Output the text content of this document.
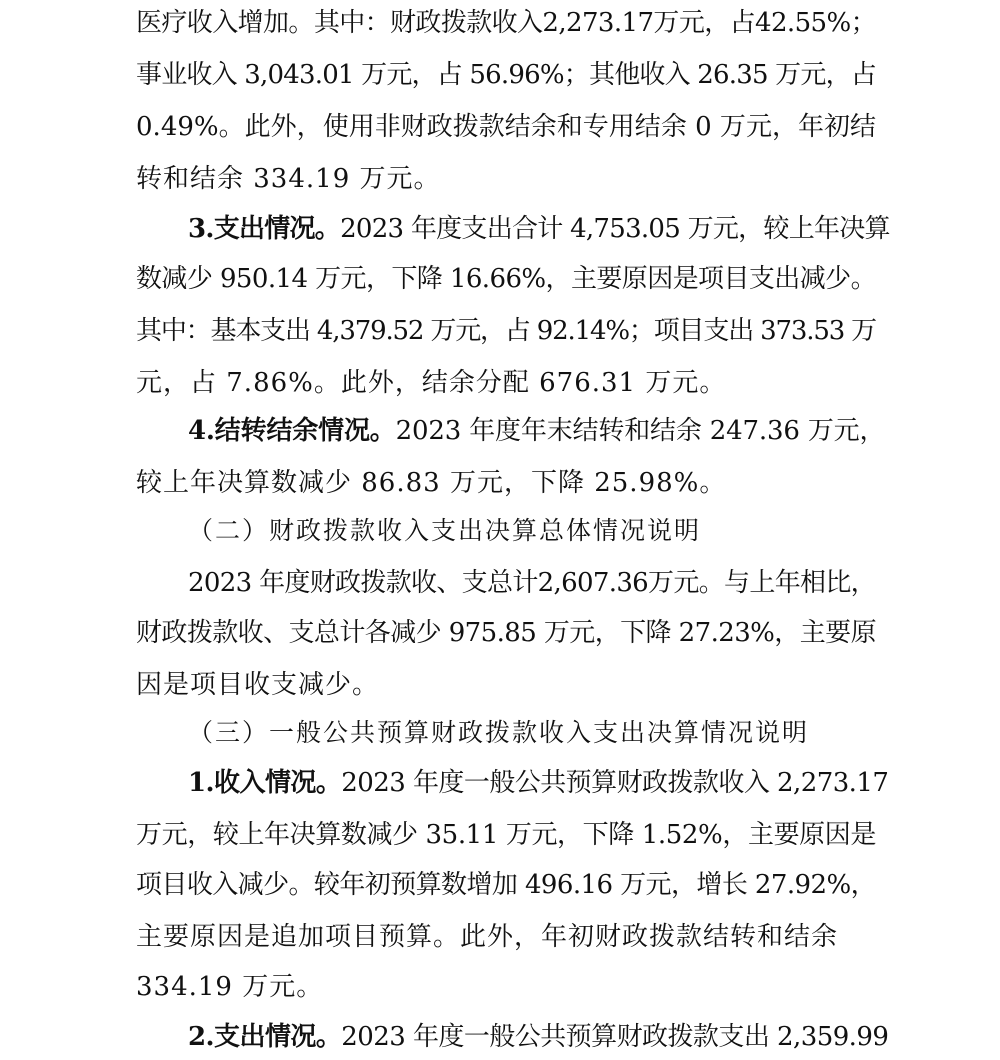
医疗收入增加。其中：财政拨款收入2,273.17万元，占42.55%；
事业收入 3,043.01 万元，占 56.96%；其他收入 26.35 万元，占
0.49%。此外，使用非财政拨款结余和专用结余 0 万元，年初结
转和结余 334.19 万元。
3.支出情况。2023 年度支出合计 4,753.05 万元，较上年决算
数减少 950.14 万元，下降 16.66%，主要原因是项目支出减少。
其中：基本支出 4,379.52 万元，占 92.14%；项目支出 373.53 万
元，占 7.86%。此外，结余分配 676.31 万元。
4.结转结余情况。2023 年度年末结转和结余 247.36 万元，
较上年决算数减少 86.83 万元，下降 25.98%。
（二）财政拨款收入支出决算总体情况说明
2023 年度财政拨款收、支总计2,607.36万元。与上年相比，
财政拨款收、支总计各减少 975.85 万元，下降 27.23%，主要原
因是项目收支减少。
（三）一般公共预算财政拨款收入支出决算情况说明
1.收入情况。2023 年度一般公共预算财政拨款收入 2,273.17
万元，较上年决算数减少 35.11 万元，下降 1.52%，主要原因是
项目收入减少。较年初预算数增加 496.16 万元，增长 27.92%，
主要原因是追加项目预算。此外，年初财政拨款结转和结余
334.19 万元。
2.支出情况。2023 年度一般公共预算财政拨款支出 2,359.99
